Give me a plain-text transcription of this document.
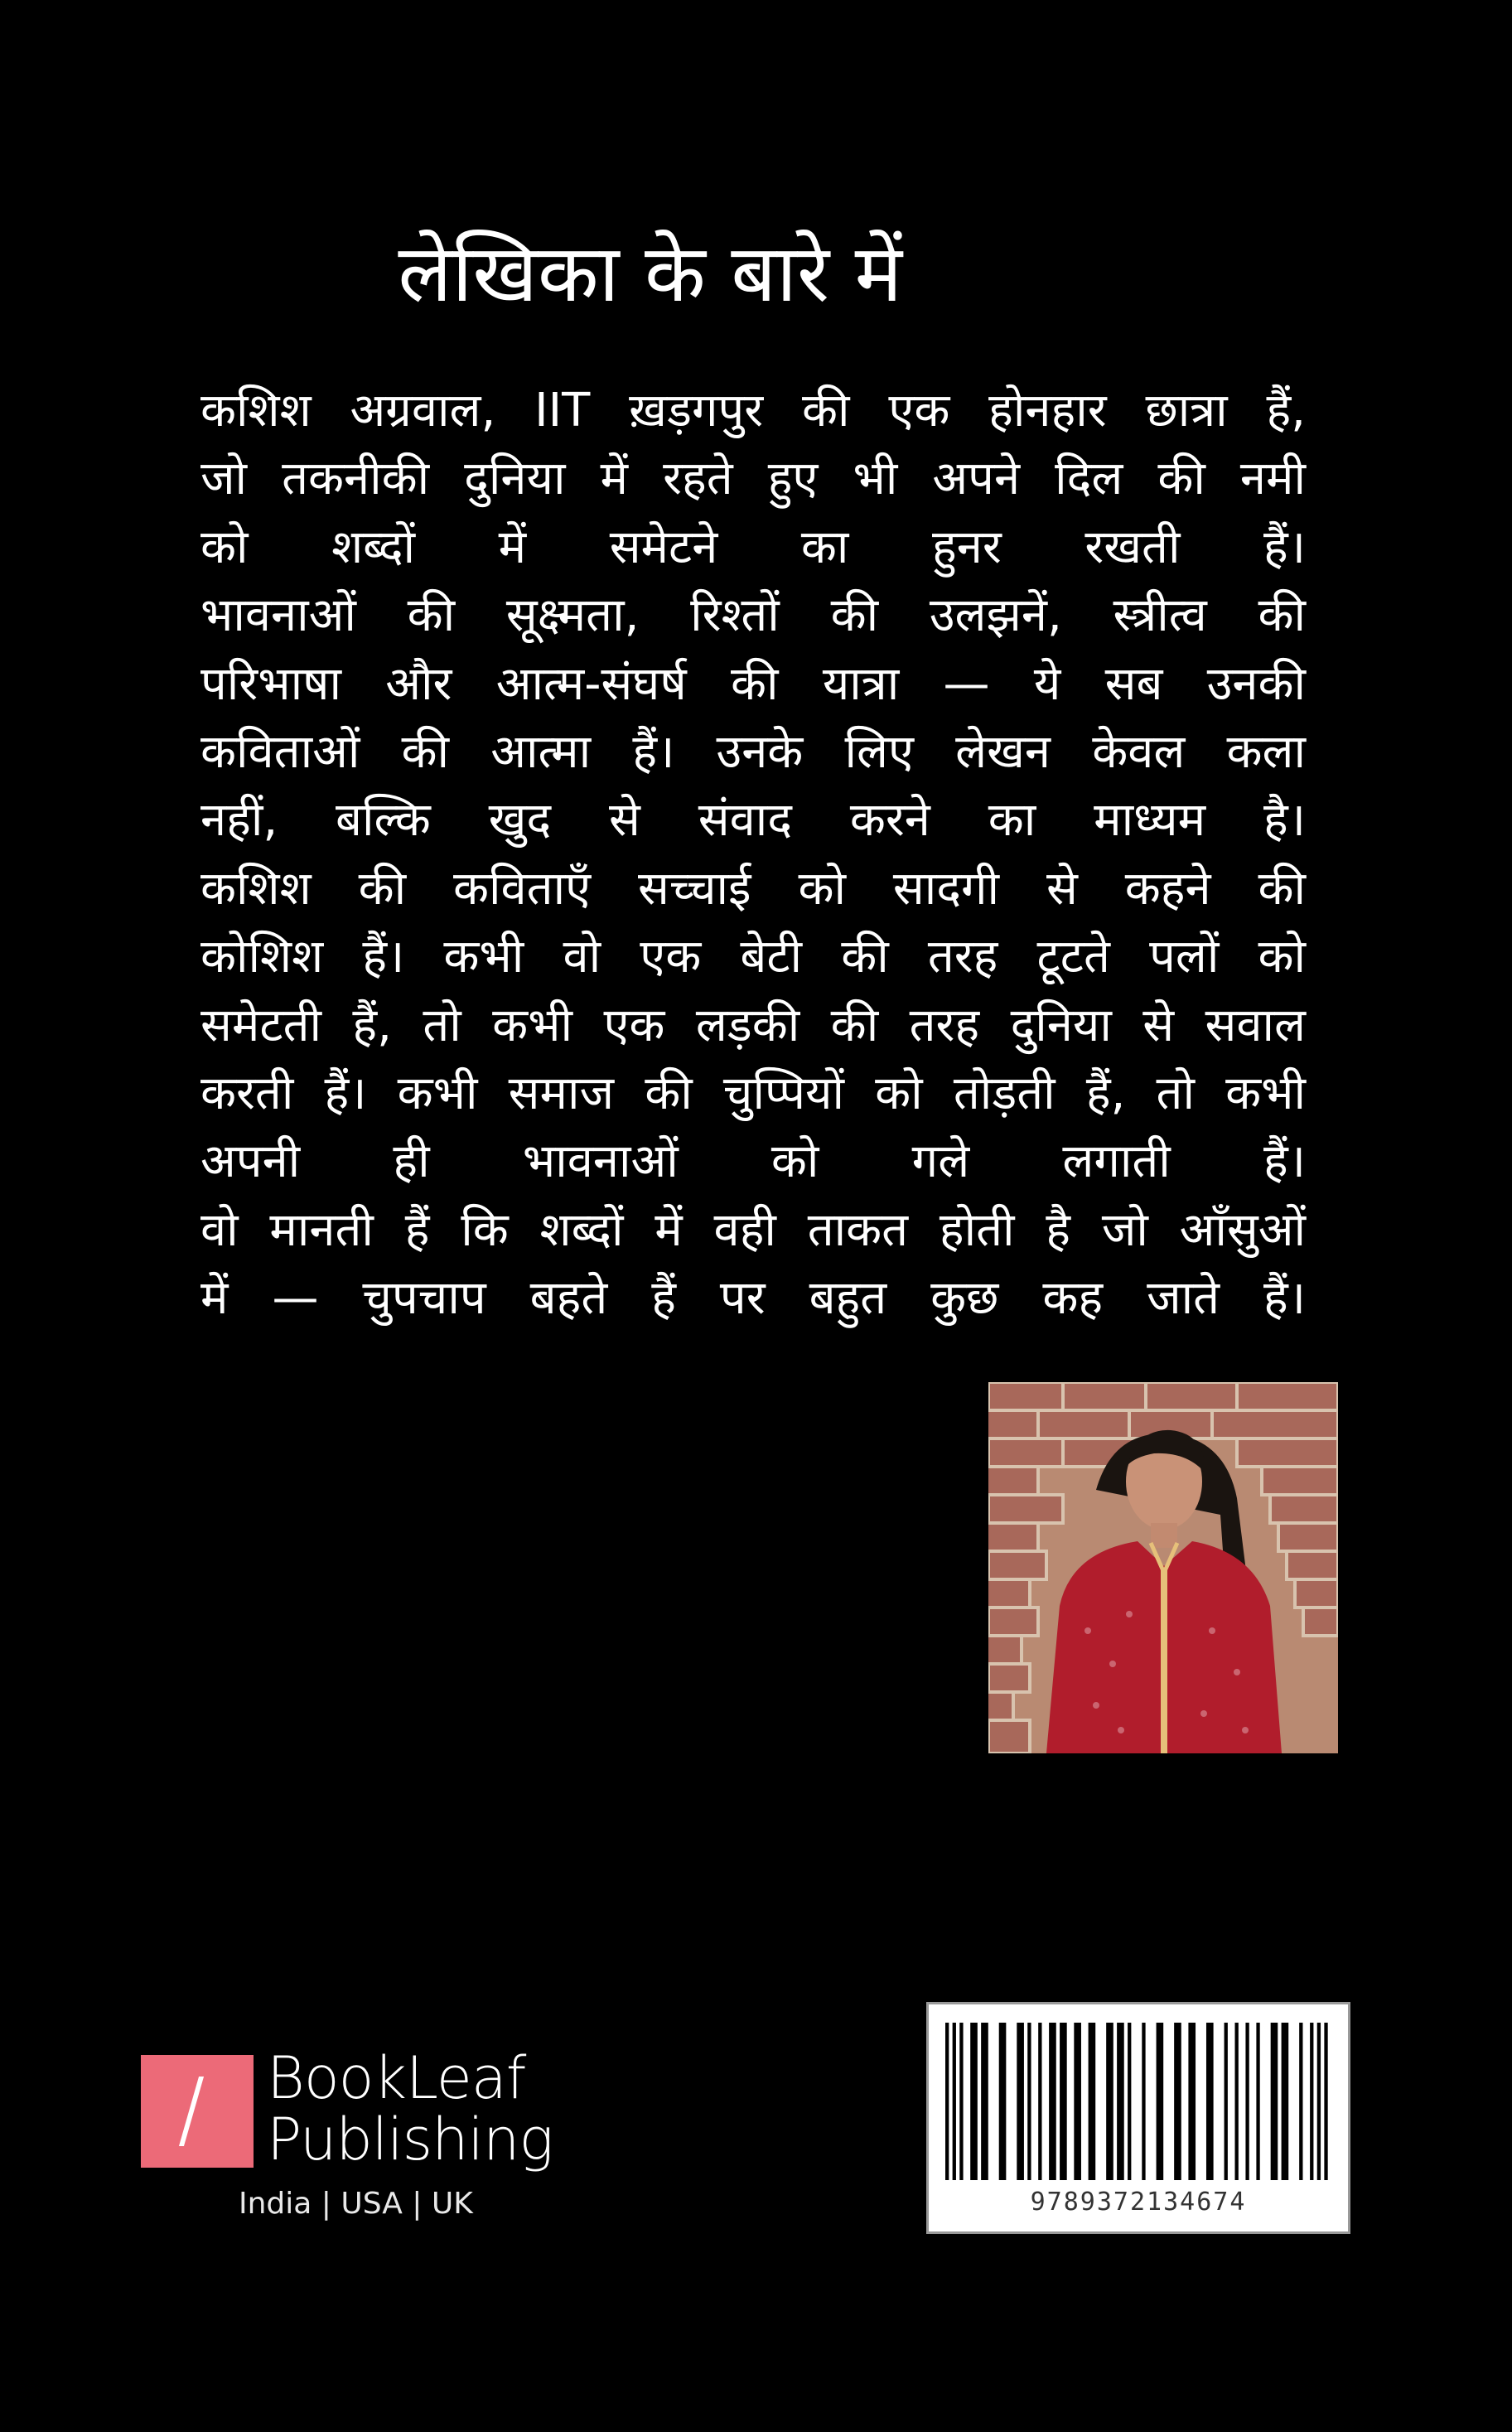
लेखिका के बारे में
कशिश अग्रवाल, IIT ख़ड़गपुर की एक होनहार छात्रा हैं,
जो तकनीकी दुनिया में रहते हुए भी अपने दिल की नमी
को शब्दों में समेटने का हुनर रखती हैं।
भावनाओं की सूक्ष्मता, रिश्तों की उलझनें, स्त्रीत्व की
परिभाषा और आत्म-संघर्ष की यात्रा — ये सब उनकी
कविताओं की आत्मा हैं। उनके लिए लेखन केवल कला
नहीं, बल्कि खुद से संवाद करने का माध्यम है।
कशिश की कविताएँ सच्चाई को सादगी से कहने की
कोशिश हैं। कभी वो एक बेटी की तरह टूटते पलों को
समेटती हैं, तो कभी एक लड़की की तरह दुनिया से सवाल
करती हैं। कभी समाज की चुप्पियों को तोड़ती हैं, तो कभी
अपनी ही भावनाओं को गले लगाती हैं।
वो मानती हैं कि शब्दों में वही ताकत होती है जो आँसुओं
में — चुपचाप बहते हैं पर बहुत कुछ कह जाते हैं।
BookLeaf
Publishing
India | USA | UK	9789372134674
